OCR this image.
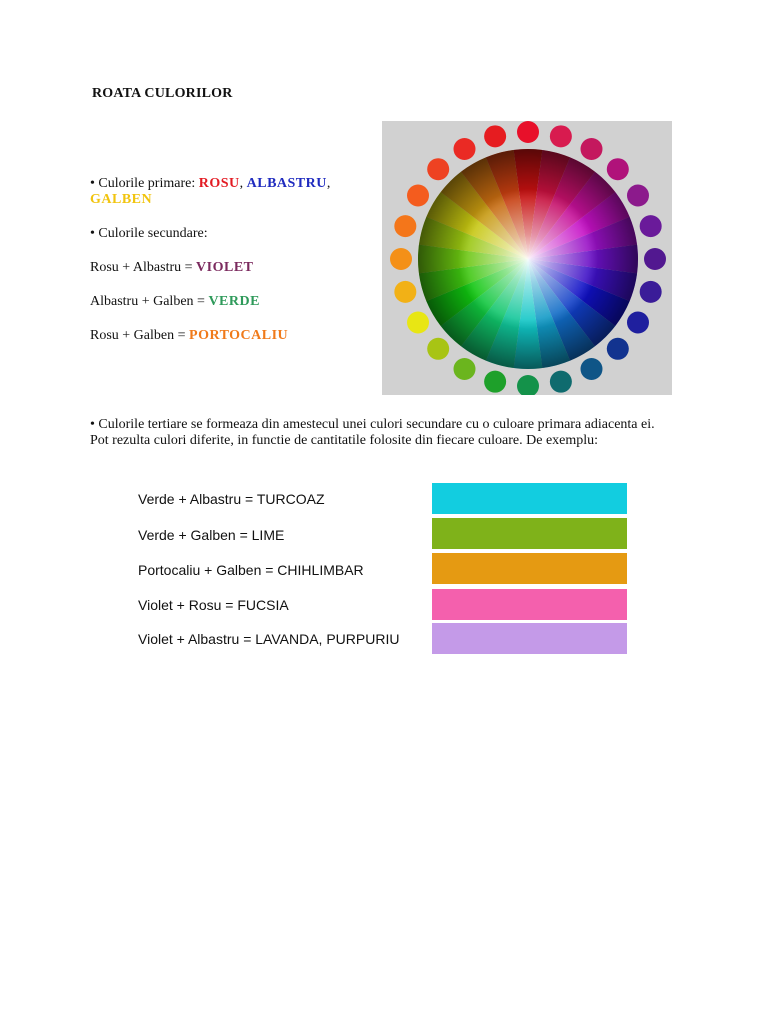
ROATA CULORILOR
• Culorile primare: ROSU, ALBASTRU,
GALBEN
• Culorile secundare:
Rosu + Albastru = VIOLET
Albastru + Galben = VERDE
Rosu + Galben = PORTOCALIU
• Culorile tertiare se formeaza din amestecul unei culori secundare cu o culoare primara adiacenta ei. Pot rezulta culori diferite, in functie de cantitatile folosite din fiecare culoare. De exemplu:
Verde + Albastru = TURCOAZ
Verde + Galben = LIME
Portocaliu + Galben = CHIHLIMBAR
Violet + Rosu = FUCSIA
Violet + Albastru = LAVANDA, PURPURIU
